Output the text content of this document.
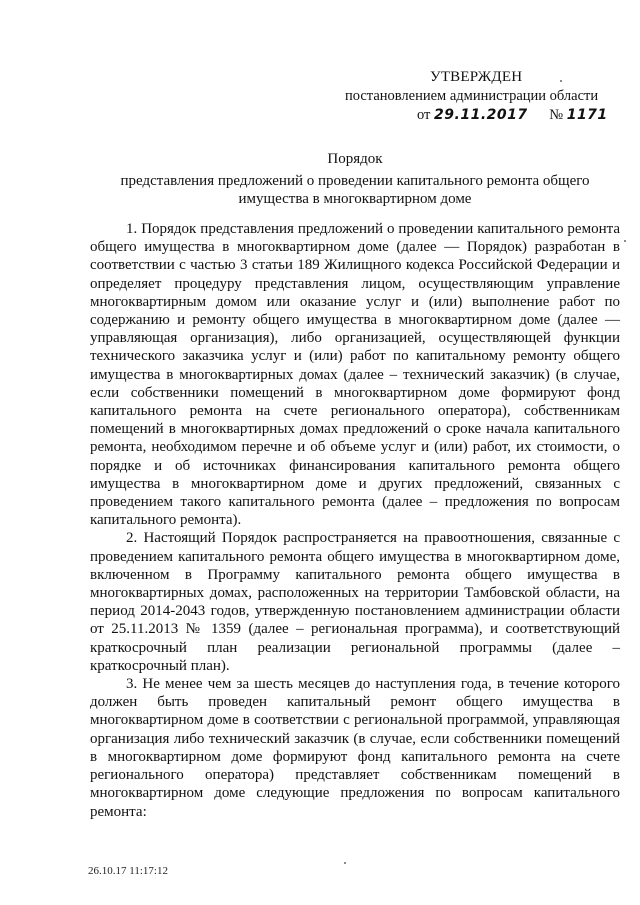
УТВЕРЖДЕН
постановлением администрации области
от 29.11.2017 № 1171
Порядок
представления предложений о проведении капитального ремонта общего
имущества в многоквартирном доме

1. Порядок представления предложений о проведении капитального ремонта общего имущества в многоквартирном доме (далее — Порядок) разработан в соответствии с частью 3 статьи 189 Жилищного кодекса Российской Федерации и определяет процедуру представления лицом, осуществляющим управление многоквартирным домом или оказание услуг и (или) выполнение работ по содержанию и ремонту общего имущества в многоквартирном доме (далее — управляющая организация), либо организацией, осуществляющей функции технического заказчика услуг и (или) работ по капитальному ремонту общего имущества в многоквартирных домах (далее – технический заказчик) (в случае, если собственники помещений в многоквартирном доме формируют фонд капитального ремонта на счете регионального оператора), собственникам помещений в многоквартирных домах предложений о сроке начала капитального ремонта, необходимом перечне и об объеме услуг и (или) работ, их стоимости, о порядке и об источниках финансирования капитального ремонта общего имущества в многоквартирном доме и других предложений, связанных с проведением такого капитального ремонта (далее – предложения по вопросам капитального ремонта).

2. Настоящий Порядок распространяется на правоотношения, связанные с проведением капитального ремонта общего имущества в многоквартирном доме, включенном в Программу капитального ремонта общего имущества в многоквартирных домах, расположенных на территории Тамбовской области, на период 2014-2043 годов, утвержденную постановлением администрации области от 25.11.2013 № 1359 (далее – региональная программа), и соответствующий краткосрочный план реализации региональной программы (далее – краткосрочный план).

3. Не менее чем за шесть месяцев до наступления года, в течение которого должен быть проведен капитальный ремонт общего имущества в многоквартирном доме в соответствии с региональной программой, управляющая организация либо технический заказчик (в случае, если собственники помещений в многоквартирном доме формируют фонд капитального ремонта на счете регионального оператора) представляет собственникам помещений в многоквартирном доме следующие предложения по вопросам капитального ремонта:

26.10.17 11:17:12
